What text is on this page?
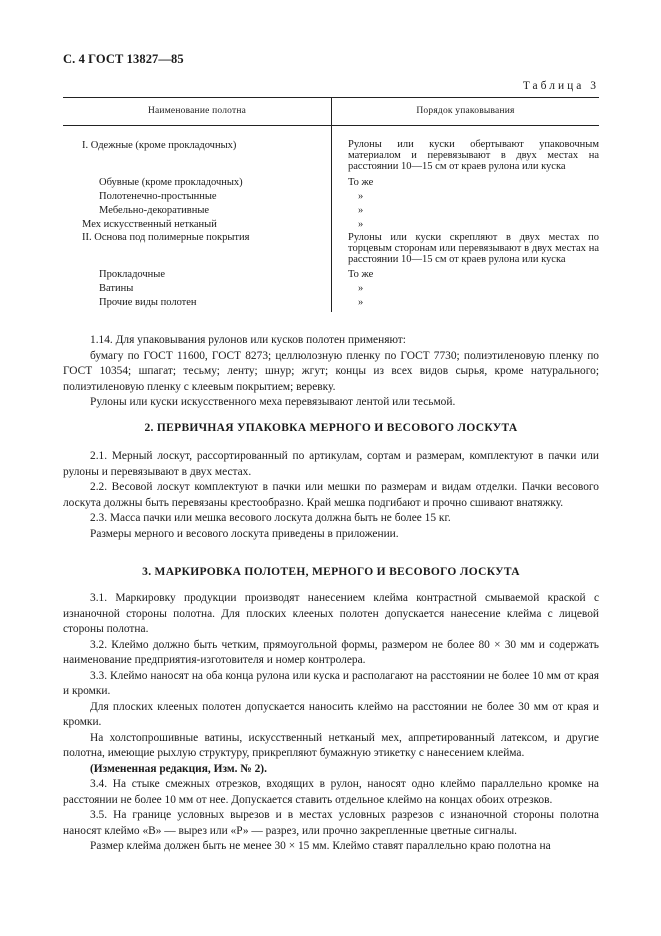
С. 4 ГОСТ 13827—85
Таблица 3
Наименование полотна	Порядок упаковывания
I. Одежные (кроме прокладочных)	Рулоны или куски обертывают упаковочным материалом и перевязывают в двух местах на расстоянии 10—15 см от краев рулона или куска
Обувные (кроме прокладочных)	То же
Полотенечно-простынные	»
Мебельно-декоративные	»
Мех искусственный нетканый	»
II. Основа под полимерные покрытия	Рулоны или куски скрепляют в двух местах по торцевым сторонам или перевязывают в двух местах на расстоянии 10—15 см от краев рулона или куска
Прокладочные	То же
Ватины	»
Прочие виды полотен	»

1.14. Для упаковывания рулонов или кусков полотен применяют:

бумагу по ГОСТ 11600, ГОСТ 8273; целлюлозную пленку по ГОСТ 7730; полиэтиленовую пленку по ГОСТ 10354; шпагат; тесьму; ленту; шнур; жгут; концы из всех видов сырья, кроме натурального; полиэтиленовую пленку с клеевым покрытием; веревку.

Рулоны или куски искусственного меха перевязывают лентой или тесьмой.

2. ПЕРВИЧНАЯ УПАКОВКА МЕРНОГО И ВЕСОВОГО ЛОСКУТА

2.1. Мерный лоскут, рассортированный по артикулам, сортам и размерам, комплектуют в пачки или рулоны и перевязывают в двух местах.

2.2. Весовой лоскут комплектуют в пачки или мешки по размерам и видам отделки. Пачки весового лоскута должны быть перевязаны крестообразно. Край мешка подгибают и прочно сшивают внатяжку.

2.3. Масса пачки или мешка весового лоскута должна быть не более 15 кг.

Размеры мерного и весового лоскута приведены в приложении.

3. МАРКИРОВКА ПОЛОТЕН, МЕРНОГО И ВЕСОВОГО ЛОСКУТА

3.1. Маркировку продукции производят нанесением клейма контрастной смываемой краской с изнаночной стороны полотна. Для плоских клееных полотен допускается нанесение клейма с лицевой стороны полотна.

3.2. Клеймо должно быть четким, прямоугольной формы, размером не более 80 × 30 мм и содержать наименование предприятия-изготовителя и номер контролера.

3.3. Клеймо наносят на оба конца рулона или куска и располагают на расстоянии не более 10 мм от края и кромки.

Для плоских клееных полотен допускается наносить клеймо на расстоянии не более 30 мм от края и кромки.

На холстопрошивные ватины, искусственный нетканый мех, аппретированный латексом, и другие полотна, имеющие рыхлую структуру, прикрепляют бумажную этикетку с нанесением клейма.

(Измененная редакция, Изм. № 2).

3.4. На стыке смежных отрезков, входящих в рулон, наносят одно клеймо параллельно кромке на расстоянии не более 10 мм от нее. Допускается ставить отдельное клеймо на концах обоих отрезков.

3.5. На границе условных вырезов и в местах условных разрезов с изнаночной стороны полотна наносят клеймо «В» — вырез или «Р» — разрез, или прочно закрепленные цветные сигналы.

Размер клейма должен быть не менее 30 × 15 мм. Клеймо ставят параллельно краю полотна на
